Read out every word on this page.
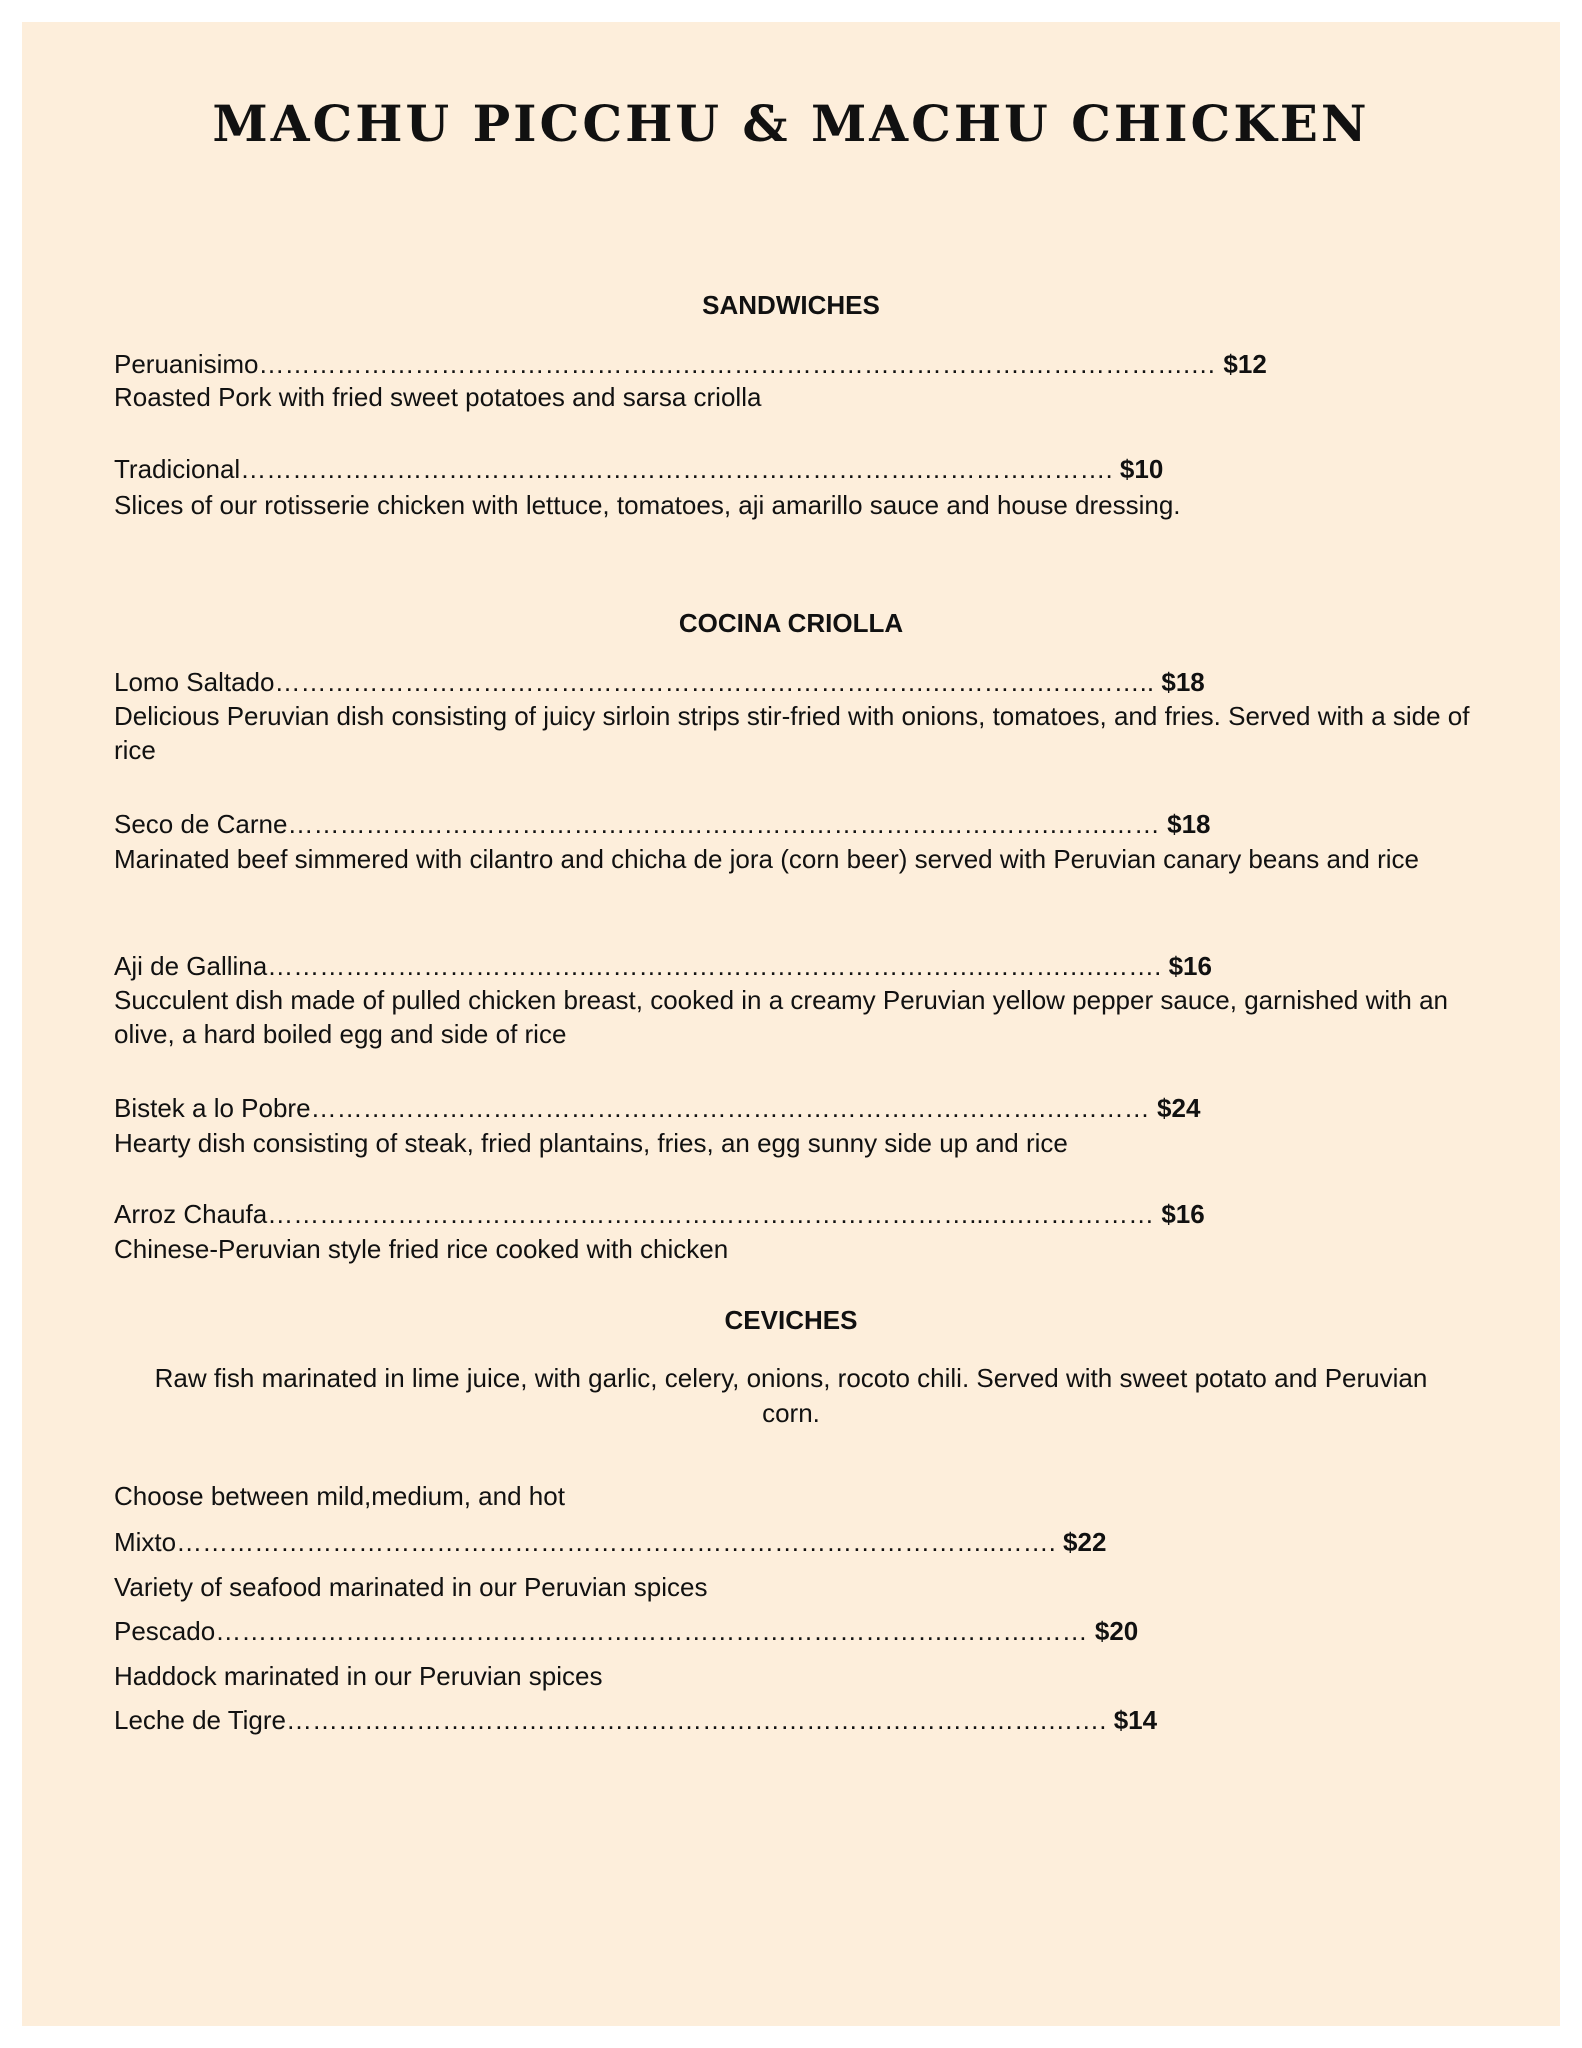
MACHU PICCHU & MACHU CHICKEN
SANDWICHES
Peruanisimo………………………………………….………………………………….……………….… $12
Roasted Pork with fried sweet potatoes and sarsa criolla
Tradicional…………………………………………………………………….…………………. $10
Slices of our rotisserie chicken with lettuce, tomatoes, aji amarillo sauce and house dressing.
COCINA CRIOLLA
Lomo Saltado………………………………………………………………….…………………….. $18
Delicious Peruvian dish consisting of juicy sirloin strips stir-fried with onions, tomatoes, and fries. Served with a side of rice
Seco de Carne…………………………………………………………………………….…….…… $18
Marinated beef simmered with cilantro and chicha de jora (corn beer) served with Peruvian canary beans and rice
Aji de Gallina……………………………….……………………………………….……….….……. $16
Succulent dish made of pulled chicken breast, cooked in a creamy Peruvian yellow pepper sauce, garnished with an olive, a hard boiled egg and side of rice
Bistek a lo Pobre………………………………………………………………………….………… $24
Hearty dish consisting of steak, fried plantains, fries, an egg sunny side up and rice
Arroz Chaufa………………………………………………………………………...….…………… $16
Chinese-Peruvian style fried rice cooked with chicken
CEVICHES
Raw fish marinated in lime juice, with garlic, celery, onions, rocoto chili. Served with sweet potato and Peruvian corn.
Choose between mild,medium, and hot
Mixto…………………………………………………………………………………..……. $22
Variety of seafood marinated in our Peruvian spices
Pescado………………………………………………………………………….……….…… $20
Haddock marinated in our Peruvian spices
Leche de Tigre…………………………………………………………………………….……. $14
